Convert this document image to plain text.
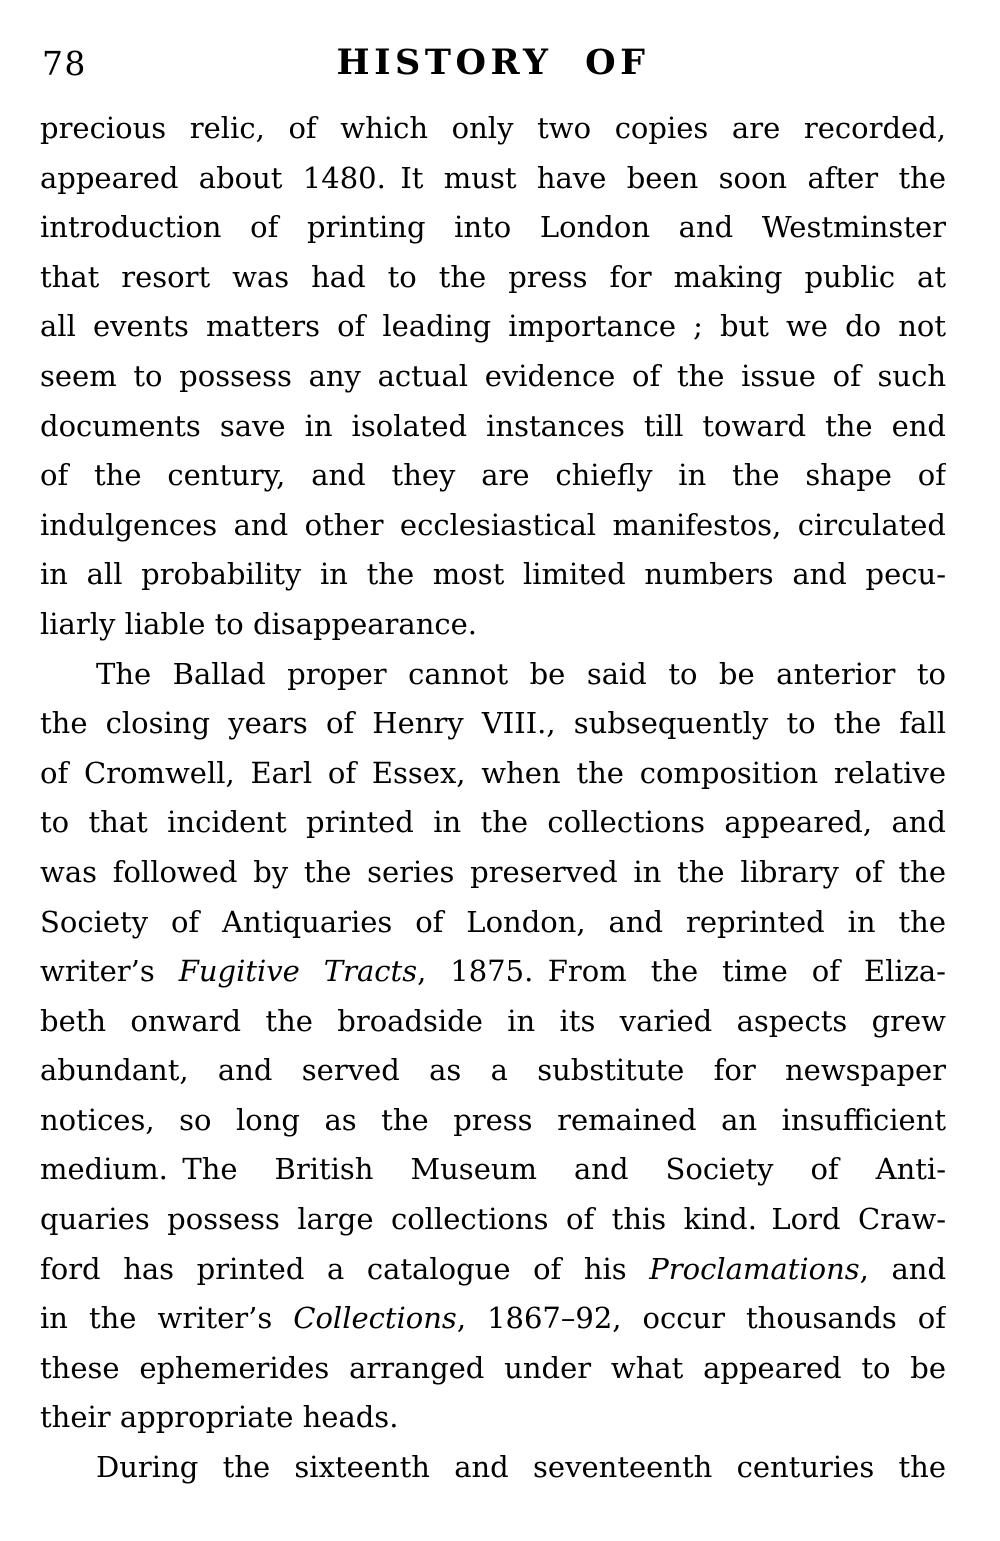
78	HISTORY OF
precious relic, of which only two copies are recorded,
appeared about 1480. It must have been soon after the
introduction of printing into London and Westminster
that resort was had to the press for making public at
all events matters of leading importance ; but we do not
seem to possess any actual evidence of the issue of such
documents save in isolated instances till toward the end
of the century, and they are chiefly in the shape of
indulgences and other ecclesiastical manifestos, circulated
in all probability in the most limited numbers and pecu-
liarly liable to disappearance.
The Ballad proper cannot be said to be anterior to
the closing years of Henry VIII., subsequently to the fall
of Cromwell, Earl of Essex, when the composition relative
to that incident printed in the collections appeared, and
was followed by the series preserved in the library of the
Society of Antiquaries of London, and reprinted in the
writer’s Fugitive Tracts, 1875. From the time of Eliza-
beth onward the broadside in its varied aspects grew
abundant, and served as a substitute for newspaper
notices, so long as the press remained an insufficient
medium. The British Museum and Society of Anti-
quaries possess large collections of this kind. Lord Craw-
ford has printed a catalogue of his Proclamations, and
in the writer’s Collections, 1867–92, occur thousands of
these ephemerides arranged under what appeared to be
their appropriate heads.
During the sixteenth and seventeenth centuries the
